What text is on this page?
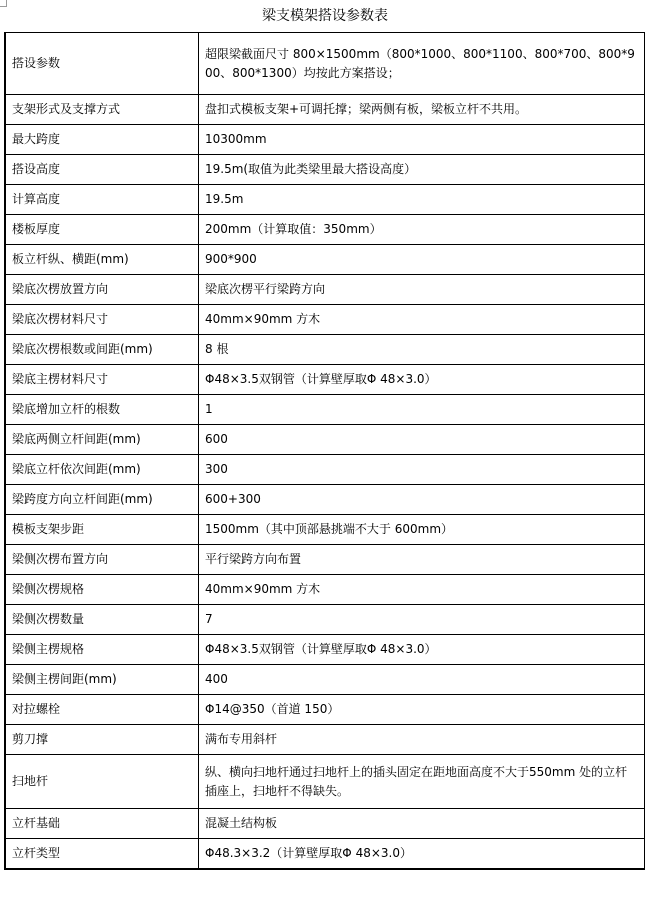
梁支模架搭设参数表
搭设参数	超限梁截面尺寸 800×1500mm（800*1000、800*1100、800*700、800*900、800*1300）均按此方案搭设；
支架形式及支撑方式	盘扣式模板支架+可调托撑；梁两侧有板，梁板立杆不共用。
最大跨度	10300mm
搭设高度	19.5m(取值为此类梁里最大搭设高度）
计算高度	19.5m
楼板厚度	200mm（计算取值：350mm）
板立杆纵、横距(mm)	900*900
梁底次楞放置方向	梁底次楞平行梁跨方向
梁底次楞材料尺寸	40mm×90mm 方木
梁底次楞根数或间距(mm)	8 根
梁底主楞材料尺寸	Φ48×3.5双钢管（计算壁厚取Φ 48×3.0）
梁底增加立杆的根数	1
梁底两侧立杆间距(mm)	600
梁底立杆依次间距(mm)	300
梁跨度方向立杆间距(mm)	600+300
模板支架步距	1500mm（其中顶部悬挑端不大于 600mm）
梁侧次楞布置方向	平行梁跨方向布置
梁侧次楞规格	40mm×90mm 方木
梁侧次楞数量	7
梁侧主楞规格	Φ48×3.5双钢管（计算壁厚取Φ 48×3.0）
梁侧主楞间距(mm)	400
对拉螺栓	Φ14@350（首道 150）
剪刀撑	满布专用斜杆
扫地杆	纵、横向扫地杆通过扫地杆上的插头固定在距地面高度不大于550mm 处的立杆插座上，扫地杆不得缺失。
立杆基础	混凝土结构板
立杆类型	Φ48.3×3.2（计算壁厚取Φ 48×3.0）
